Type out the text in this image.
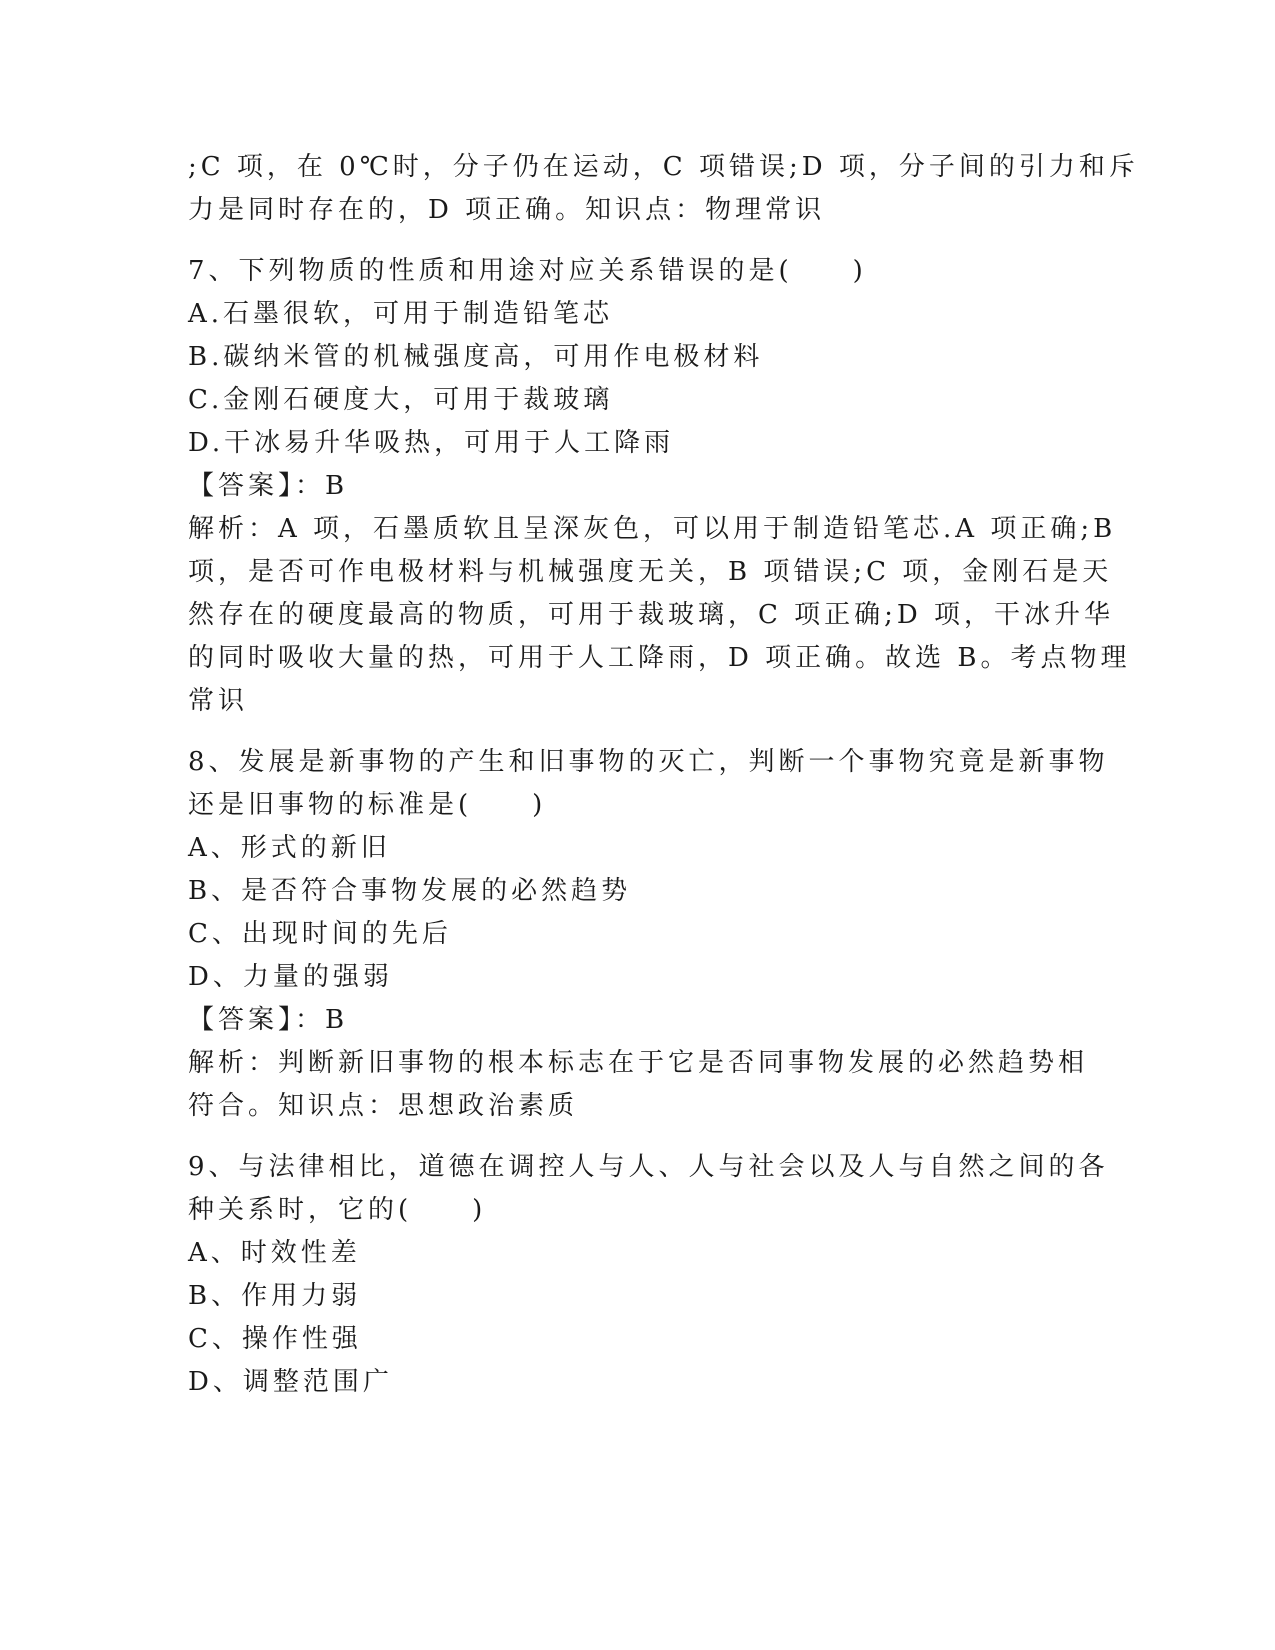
;C 项，在 0℃时，分子仍在运动，C 项错误;D 项，分子间的引力和斥
力是同时存在的，D 项正确。知识点：物理常识
7、下列物质的性质和用途对应关系错误的是(　　)
A.石墨很软，可用于制造铅笔芯
B.碳纳米管的机械强度高，可用作电极材料
C.金刚石硬度大，可用于裁玻璃
D.干冰易升华吸热，可用于人工降雨
【答案】：B
解析：A 项，石墨质软且呈深灰色，可以用于制造铅笔芯.A 项正确;B
项，是否可作电极材料与机械强度无关，B 项错误;C 项，金刚石是天
然存在的硬度最高的物质，可用于裁玻璃，C 项正确;D 项，干冰升华
的同时吸收大量的热，可用于人工降雨，D 项正确。故选 B。考点物理
常识
8、发展是新事物的产生和旧事物的灭亡，判断一个事物究竟是新事物
还是旧事物的标准是(　　)
A、形式的新旧
B、是否符合事物发展的必然趋势
C、出现时间的先后
D、力量的强弱
【答案】：B
解析：判断新旧事物的根本标志在于它是否同事物发展的必然趋势相
符合。知识点：思想政治素质
9、与法律相比，道德在调控人与人、人与社会以及人与自然之间的各
种关系时，它的(　　)
A、时效性差
B、作用力弱
C、操作性强
D、调整范围广
